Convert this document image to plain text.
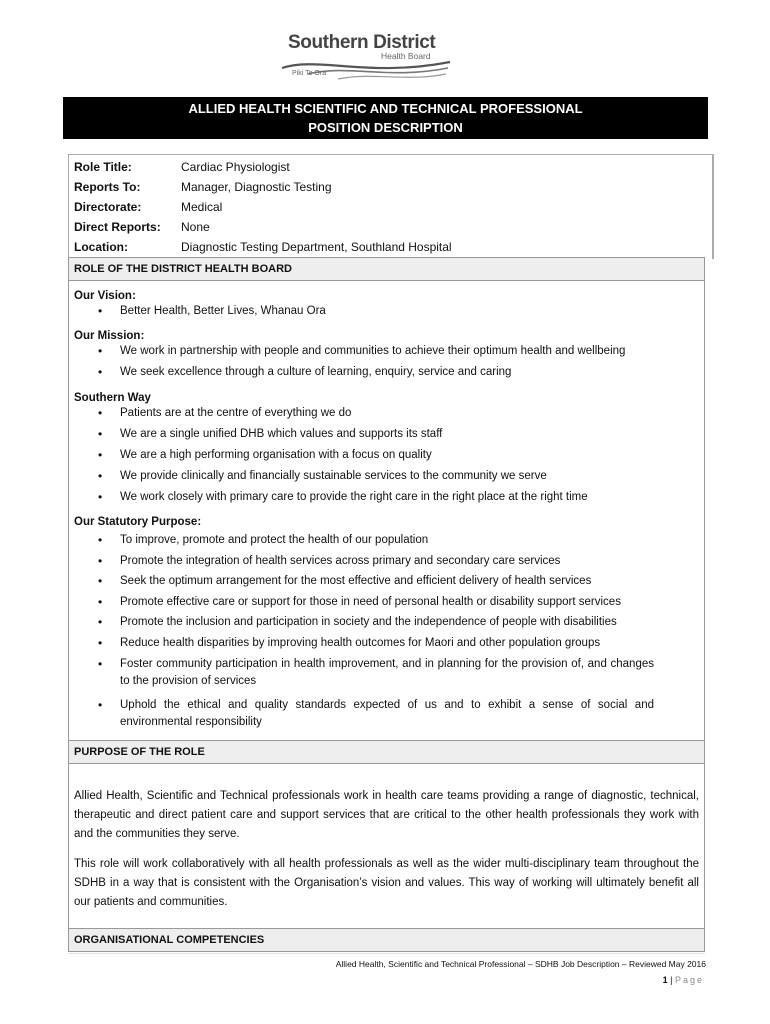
Southern District
Health Board
Piki Te Ora
ALLIED HEALTH SCIENTIFIC AND TECHNICAL PROFESSIONAL
POSITION DESCRIPTION
Role Title:	Cardiac Physiologist
Reports To:	Manager, Diagnostic Testing
Directorate:	Medical
Direct Reports: None
Location:	Diagnostic Testing Department, Southland Hospital
ROLE OF THE DISTRICT HEALTH BOARD
Our Vision:
• Better Health, Better Lives, Whanau Ora
Our Mission:
• We work in partnership with people and communities to achieve their optimum health and wellbeing
• We seek excellence through a culture of learning, enquiry, service and caring
Southern Way
• Patients are at the centre of everything we do
• We are a single unified DHB which values and supports its staff
• We are a high performing organisation with a focus on quality
• We provide clinically and financially sustainable services to the community we serve
• We work closely with primary care to provide the right care in the right place at the right time
Our Statutory Purpose:
• To improve, promote and protect the health of our population
• Promote the integration of health services across primary and secondary care services
• Seek the optimum arrangement for the most effective and efficient delivery of health services
• Promote effective care or support for those in need of personal health or disability support services
• Promote the inclusion and participation in society and the independence of people with disabilities
• Reduce health disparities by improving health outcomes for Maori and other population groups
• Foster community participation in health improvement, and in planning for the provision of, and changes to the provision of services
• Uphold the ethical and quality standards expected of us and to exhibit a sense of social and environmental responsibility
PURPOSE OF THE ROLE
Allied Health, Scientific and Technical professionals work in health care teams providing a range of diagnostic, technical, therapeutic and direct patient care and support services that are critical to the other health professionals they work with and the communities they serve.
This role will work collaboratively with all health professionals as well as the wider multi-disciplinary team throughout the SDHB in a way that is consistent with the Organisation’s vision and values. This way of working will ultimately benefit all our patients and communities.
ORGANISATIONAL COMPETENCIES
Allied Health, Scientific and Technical Professional – SDHB Job Description – Reviewed May 2016
1 | Page
